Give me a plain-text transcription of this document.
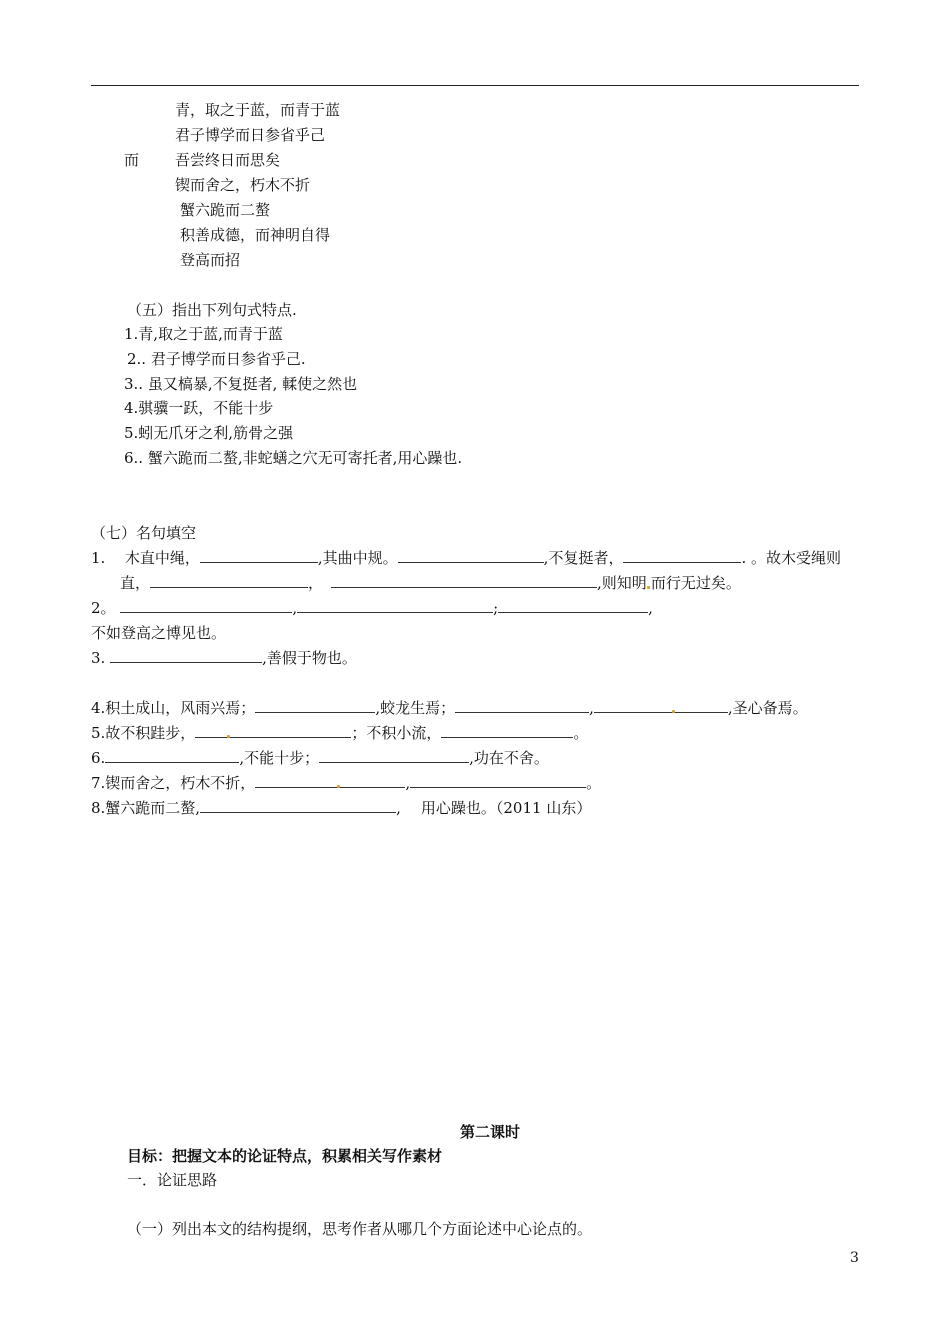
青，取之于蓝，而青于蓝
君子博学而日参省乎己
而 吾尝终日而思矣
锲而舍之，朽木不折
蟹六跪而二螯
积善成德，而神明自得
登高而招
（五）指出下列句式特点.
1.青,取之于蓝,而青于蓝
2.. 君子博学而日参省乎己.
3.. 虽又槁暴,不复挺者, 輮使之然也
4.骐骥一跃，不能十步
5.蚓无爪牙之利,筋骨之强
6.. 蟹六跪而二螯,非蛇蟮之穴无可寄托者,用心躁也.
（七）名句填空
1. 木直中绳，	,其曲中规。	,不复挺者，	. 。故木受绳则
直，	，	,则知明 而行无过矣。
2。	,	;	,
不如登高之博见也。
3.	,善假于物也。
4.积土成山，风雨兴焉；	,蛟龙生焉；	,	,圣心备焉。
5.故不积跬步，	；不积小流，	。
6.	,不能十步；	,功在不舍。
7.锲而舍之，朽木不折，	,	。
8.蟹六跪而二螯,	, 用心躁也。（2011 山东）
第二课时
目标：把握文本的论证特点，积累相关写作素材
一．论证思路
（一）列出本文的结构提纲，思考作者从哪几个方面论述中心论点的。
3
